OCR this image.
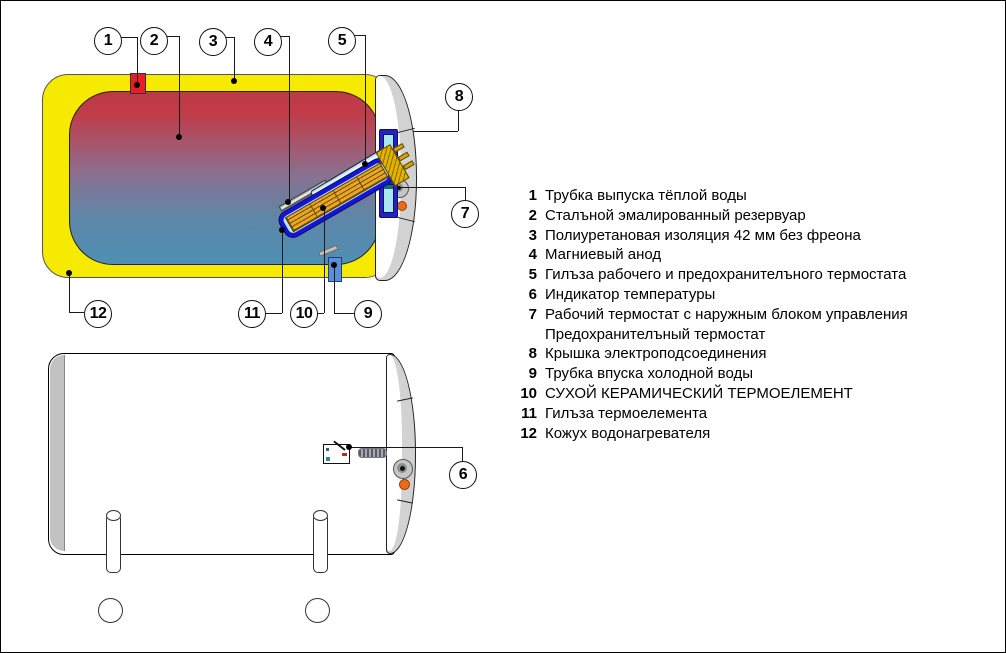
1	2	3	4	5
8
7
12	11	10	9
6
1 Трубка выпуска тёплой воды
2 Сталъной эмалированный резервуар
3 Полиуретановая изоляция 42 мм без фреона
4 Магниевый анод
5 Гилъза рабочего и предохранителъного термостата
6 Индикатор температуры
7 Рабочий термостат с наружным блоком управления
Предохранителъный термостат
8 Крышка электроподсоединения
9 Трубка впуска холодной воды
10 СУХОЙ КЕРАМИЧЕСКИЙ ТЕРМОЕЛЕМЕНТ
11 Гилъза термоелемента
12 Кожух водонагревателя
